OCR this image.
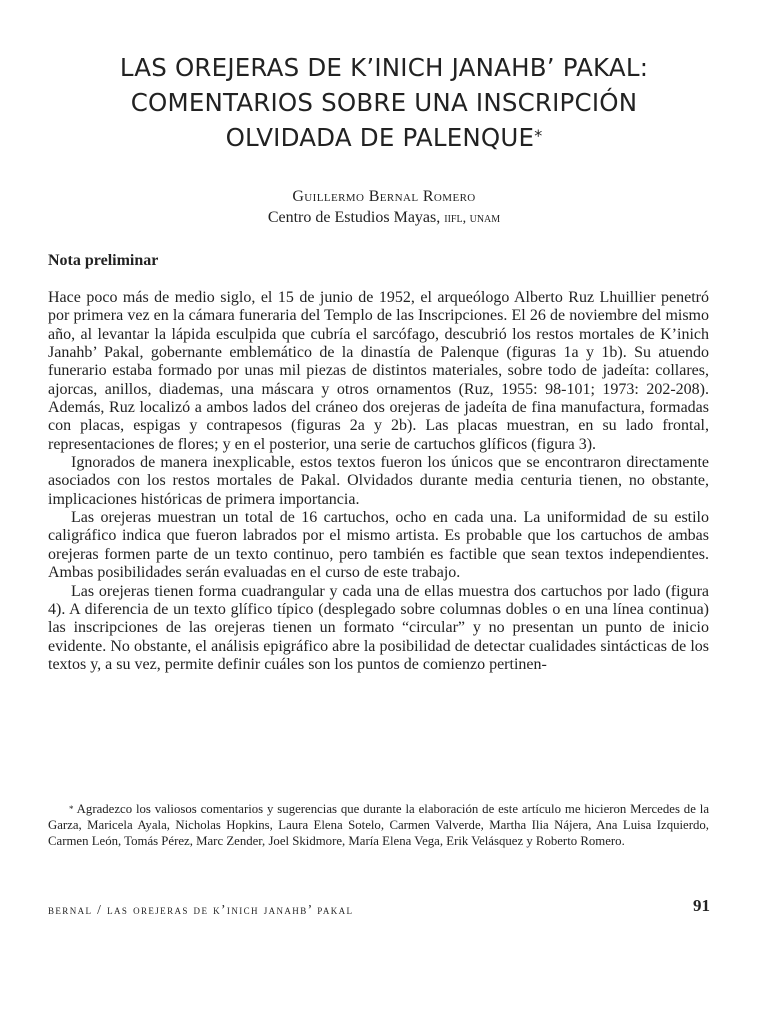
LAS OREJERAS DE K’INICH JANAHB’ PAKAL:
COMENTARIOS SOBRE UNA INSCRIPCIÓN
OLVIDADA DE PALENQUE*
Guillermo Bernal Romero
Centro de Estudios Mayas, iifl, unam
Nota preliminar

Hace poco más de medio siglo, el 15 de junio de 1952, el arqueólogo Alberto Ruz Lhuillier penetró por primera vez en la cámara funeraria del Templo de las Inscripciones. El 26 de noviembre del mismo año, al levantar la lápida esculpida que cubría el sarcófago, descubrió los restos mortales de K’inich Janahb’ Pakal, gobernante emblemático de la dinastía de Palenque (figuras 1a y 1b). Su atuendo funerario estaba formado por unas mil piezas de distintos materiales, sobre todo de jadeíta: collares, ajorcas, anillos, diademas, una máscara y otros ornamentos (Ruz, 1955: 98-101; 1973: 202-208). Además, Ruz localizó a ambos lados del cráneo dos orejeras de jadeíta de fina manufactura, formadas con placas, espigas y contrapesos (figuras 2a y 2b). Las placas muestran, en su lado frontal, representaciones de flores; y en el posterior, una serie de cartuchos glíficos (figura 3).

Ignorados de manera inexplicable, estos textos fueron los únicos que se encontraron directamente asociados con los restos mortales de Pakal. Olvidados durante media centuria tienen, no obstante, implicaciones históricas de primera importancia.

Las orejeras muestran un total de 16 cartuchos, ocho en cada una. La uniformidad de su estilo caligráfico indica que fueron labrados por el mismo artista. Es probable que los cartuchos de ambas orejeras formen parte de un texto continuo, pero también es factible que sean textos independientes. Ambas posibilidades serán evaluadas en el curso de este trabajo.

Las orejeras tienen forma cuadrangular y cada una de ellas muestra dos cartuchos por lado (figura 4). A diferencia de un texto glífico típico (desplegado sobre columnas dobles o en una línea continua) las inscripciones de las orejeras tienen un formato “circular” y no presentan un punto de inicio evidente. No obstante, el análisis epigráfico abre la posibilidad de detectar cualidades sintácticas de los textos y, a su vez, permite definir cuáles son los puntos de comienzo pertinen-

* Agradezco los valiosos comentarios y sugerencias que durante la elaboración de este artículo me hicieron Mercedes de la Garza, Maricela Ayala, Nicholas Hopkins, Laura Elena Sotelo, Carmen Valverde, Martha Ilia Nájera, Ana Luisa Izquierdo, Carmen León, Tomás Pérez, Marc Zender, Joel Skidmore, María Elena Vega, Erik Velásquez y Roberto Romero.

bernal / las orejeras de k’inich janahb’ pakal	91
